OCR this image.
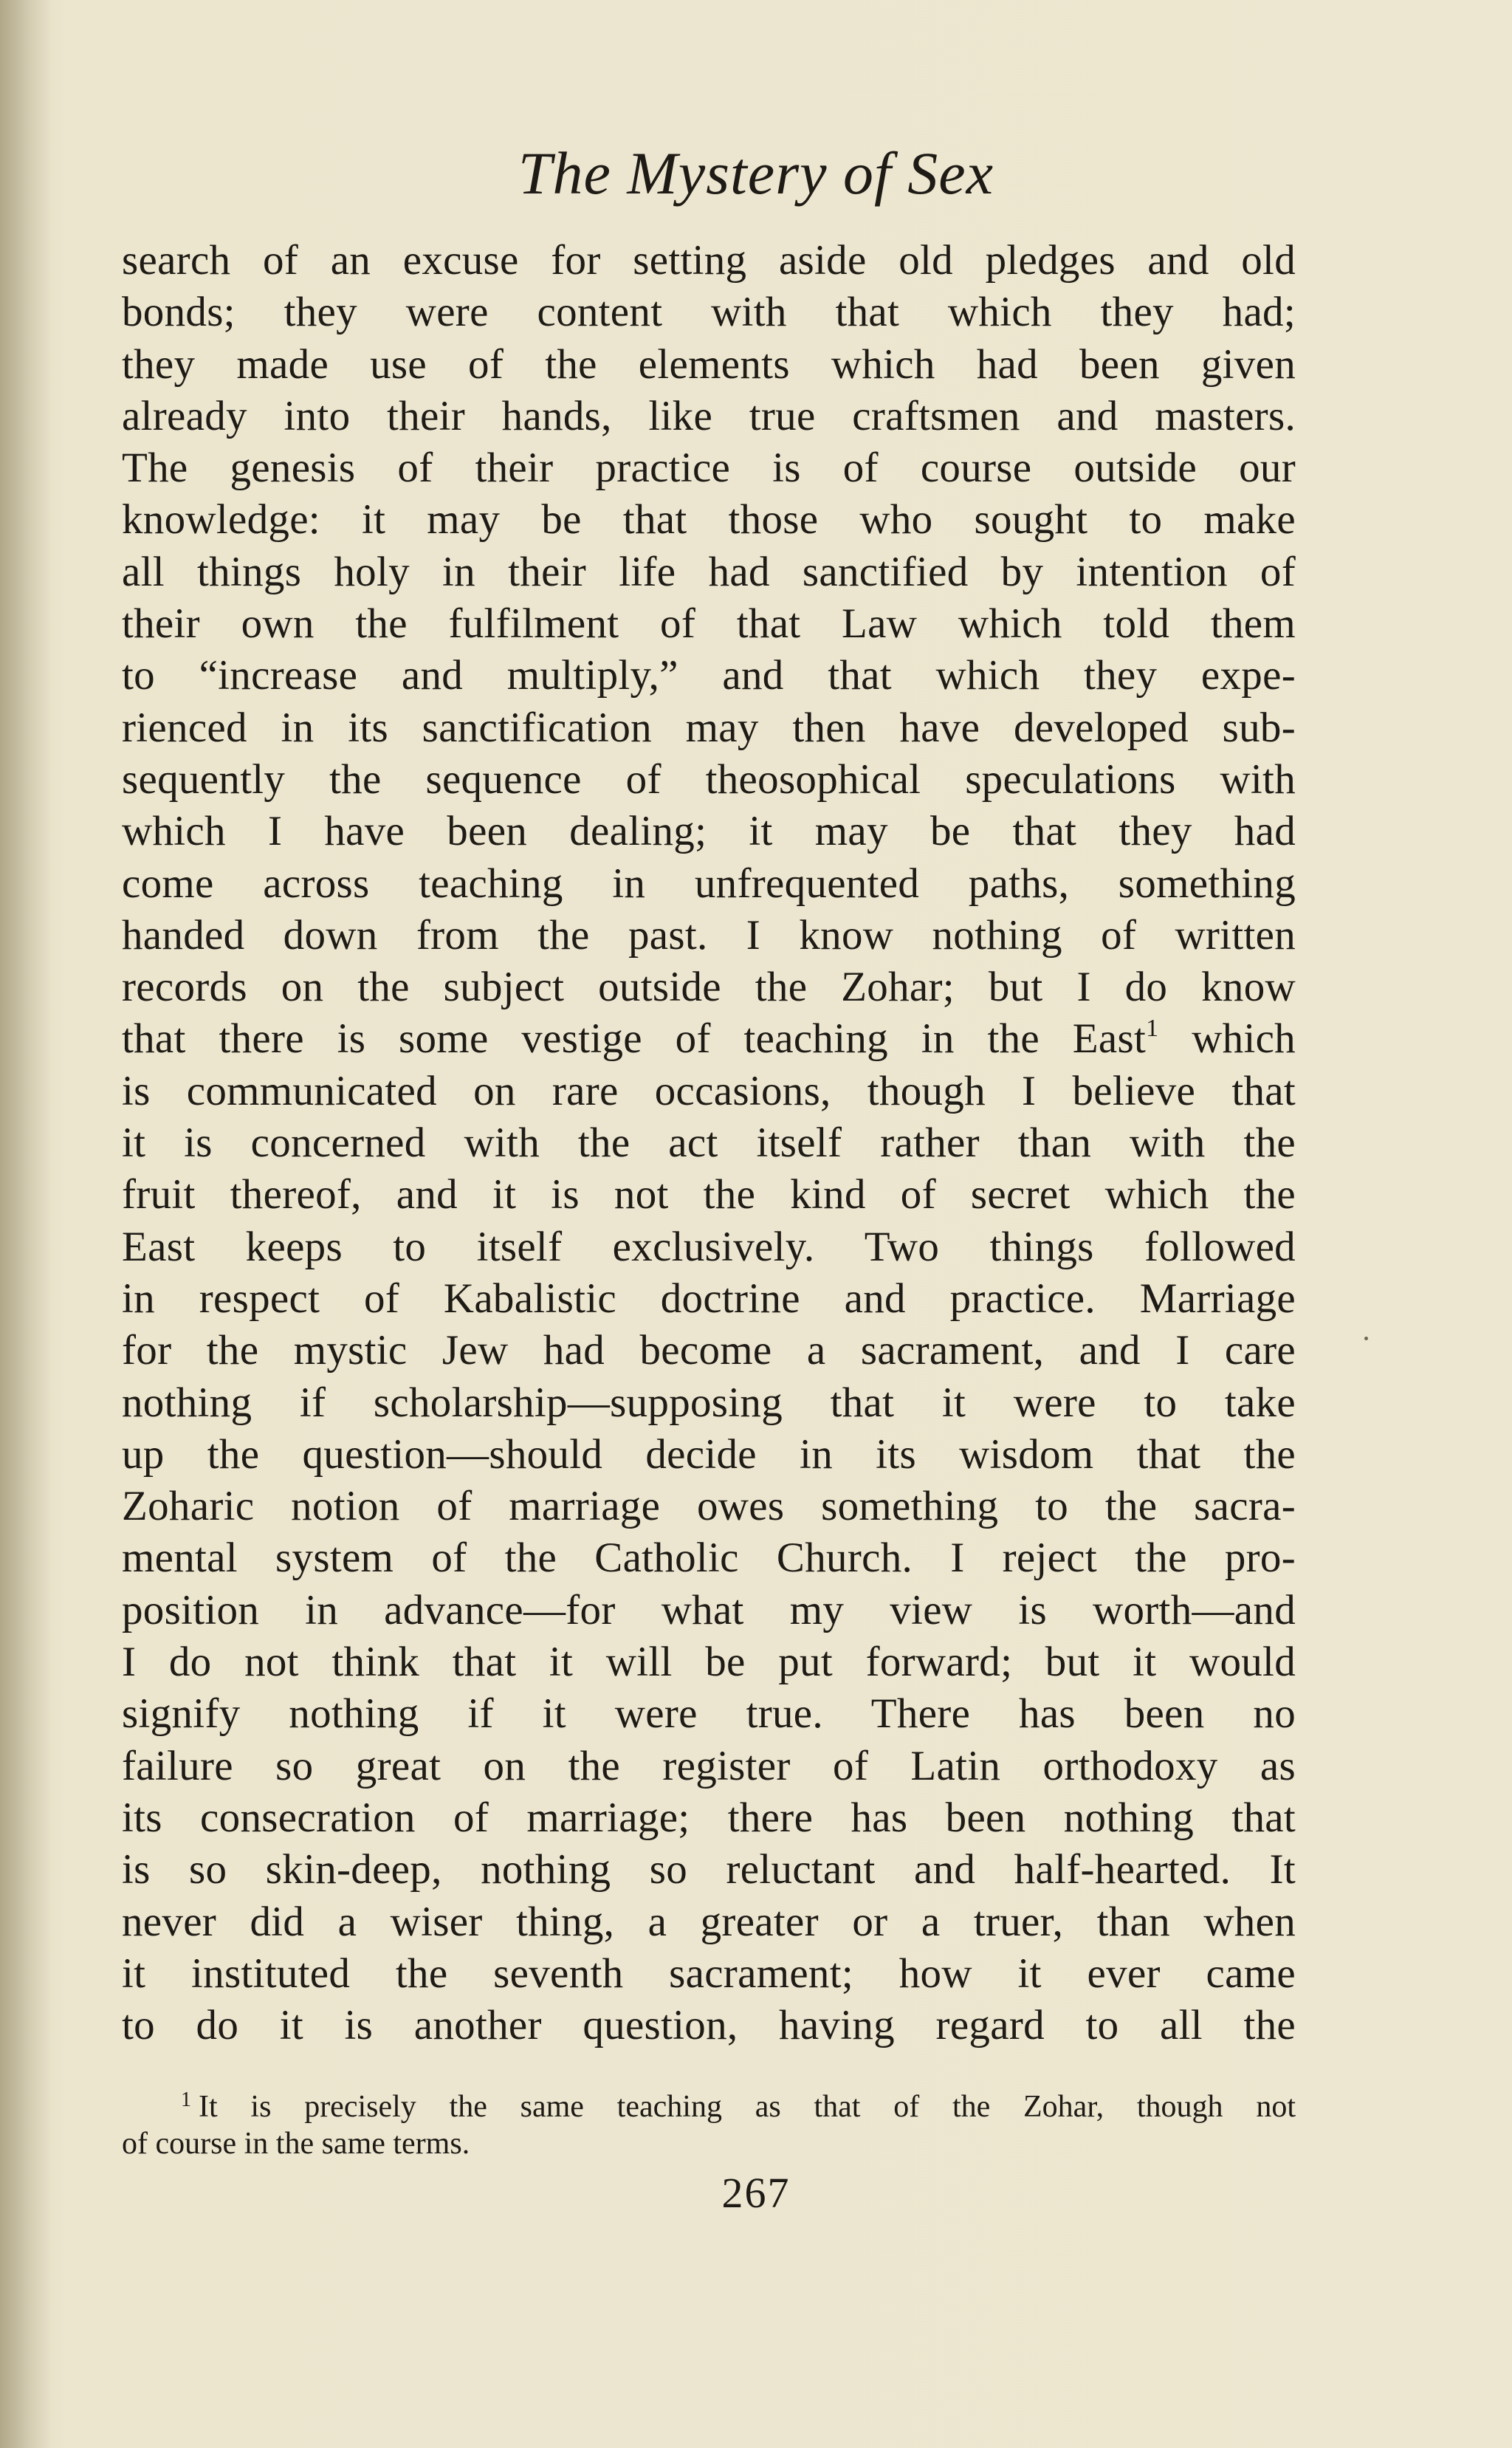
The Mystery of Sex
search of an excuse for setting aside old pledges and old
bonds; they were content with that which they had;
they made use of the elements which had been given
already into their hands, like true craftsmen and masters.
The genesis of their practice is of course outside our
knowledge: it may be that those who sought to make
all things holy in their life had sanctified by intention of
their own the fulfilment of that Law which told them
to “increase and multiply,” and that which they expe-
rienced in its sanctification may then have developed sub-
sequently the sequence of theosophical speculations with
which I have been dealing; it may be that they had
come across teaching in unfrequented paths, something
handed down from the past. I know nothing of written
records on the subject outside the Zohar; but I do know
that there is some vestige of teaching in the East$^1$ which
is communicated on rare occasions, though I believe that
it is concerned with the act itself rather than with the
fruit thereof, and it is not the kind of secret which the
East keeps to itself exclusively. Two things followed
in respect of Kabalistic doctrine and practice. Marriage
for the mystic Jew had become a sacrament, and I care
nothing if scholarship—supposing that it were to take
up the question—should decide in its wisdom that the
Zoharic notion of marriage owes something to the sacra-
mental system of the Catholic Church. I reject the pro-
position in advance—for what my view is worth—and
I do not think that it will be put forward; but it would
signify nothing if it were true. There has been no
failure so great on the register of Latin orthodoxy as
its consecration of marriage; there has been nothing that
is so skin-deep, nothing so reluctant and half-hearted. It
never did a wiser thing, a greater or a truer, than when
it instituted the seventh sacrament; how it ever came
to do it is another question, having regard to all the
$^1$ It is precisely the same teaching as that of the Zohar, though not
of course in the same terms.
267
